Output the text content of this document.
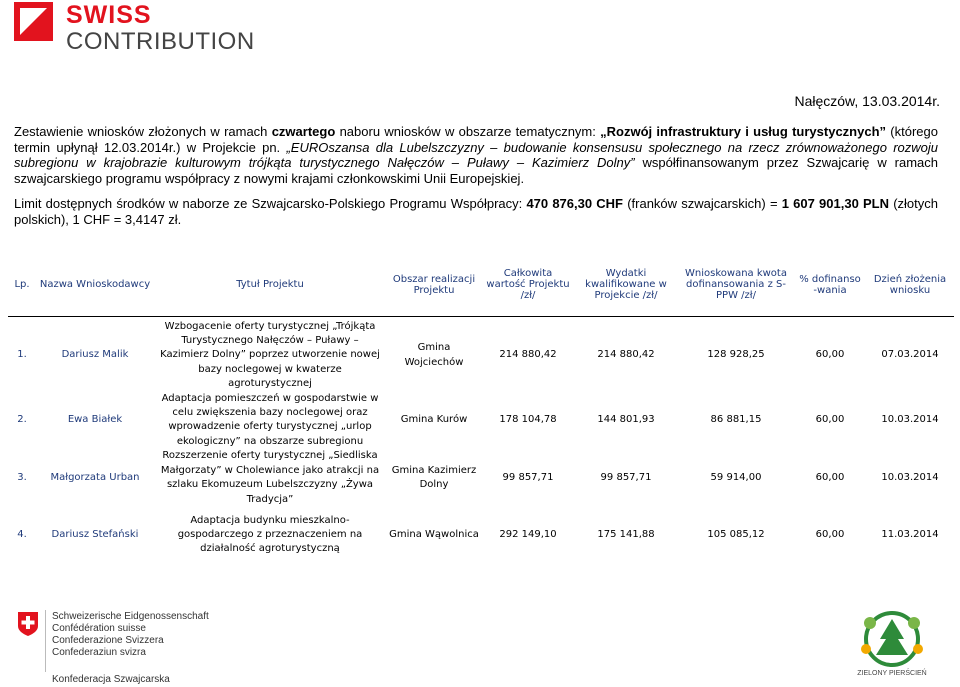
SWISS
CONTRIBUTION
Nałęczów, 13.03.2014r.
Zestawienie wniosków złożonych w ramach czwartego naboru wniosków w obszarze tematycznym: „Rozwój infrastruktury i usług turystycznych” (którego termin upłynął 12.03.2014r.) w Projekcie pn. „EUROszansa dla Lubelszczyzny – budowanie konsensusu społecznego na rzecz zrównoważonego rozwoju subregionu w krajobrazie kulturowym trójkąta turystycznego Nałęczów – Puławy – Kazimierz Dolny” współfinansowanym przez Szwajcarię w ramach szwajcarskiego programu współpracy z nowymi krajami członkowskimi Unii Europejskiej.
Limit dostępnych środków w naborze ze Szwajcarsko-Polskiego Programu Współpracy: 470 876,30 CHF (franków szwajcarskich) = 1 607 901,30 PLN (złotych polskich), 1 CHF = 3,4147 zł.
Lp.	Nazwa Wnioskodawcy	Tytuł Projektu	Obszar realizacji Projektu	Całkowita wartość Projektu /zł/	Wydatki kwalifikowane w Projekcie /zł/	Wnioskowana kwota dofinansowania z S-PPW /zł/	% dofinanso -wania	Dzień złożenia wniosku

1.	Dariusz Malik	Wzbogacenie oferty turystycznej „Trójkąta Turystycznego Nałęczów – Puławy – Kazimierz Dolny” poprzez utworzenie nowej bazy noclegowej w kwaterze agroturystycznej	Gmina Wojciechów	214 880,42	214 880,42	128 928,25	60,00	07.03.2014
2.	Ewa Białek	Adaptacja pomieszczeń w gospodarstwie w celu zwiększenia bazy noclegowej oraz wprowadzenie oferty turystycznej „urlop ekologiczny” na obszarze subregionu	Gmina Kurów	178 104,78	144 801,93	86 881,15	60,00	10.03.2014
3.	Małgorzata Urban	Rozszerzenie oferty turystycznej „Siedliska Małgorzaty” w Cholewiance jako atrakcji na szlaku Ekomuzeum Lubelszczyzny „Żywa Tradycja”	Gmina Kazimierz Dolny	99 857,71	99 857,71	59 914,00	60,00	10.03.2014
4.	Dariusz Stefański	Adaptacja budynku mieszkalno-gospodarczego z przeznaczeniem na działalność agroturystyczną	Gmina Wąwolnica	292 149,10	175 141,88	105 085,12	60,00	11.03.2014
Schweizerische Eidgenossenschaft
Confédération suisse
Confederazione Svizzera
Confederaziun svizra
Konfederacja Szwajcarska
ZIELONY PIERŚCIEŃ
